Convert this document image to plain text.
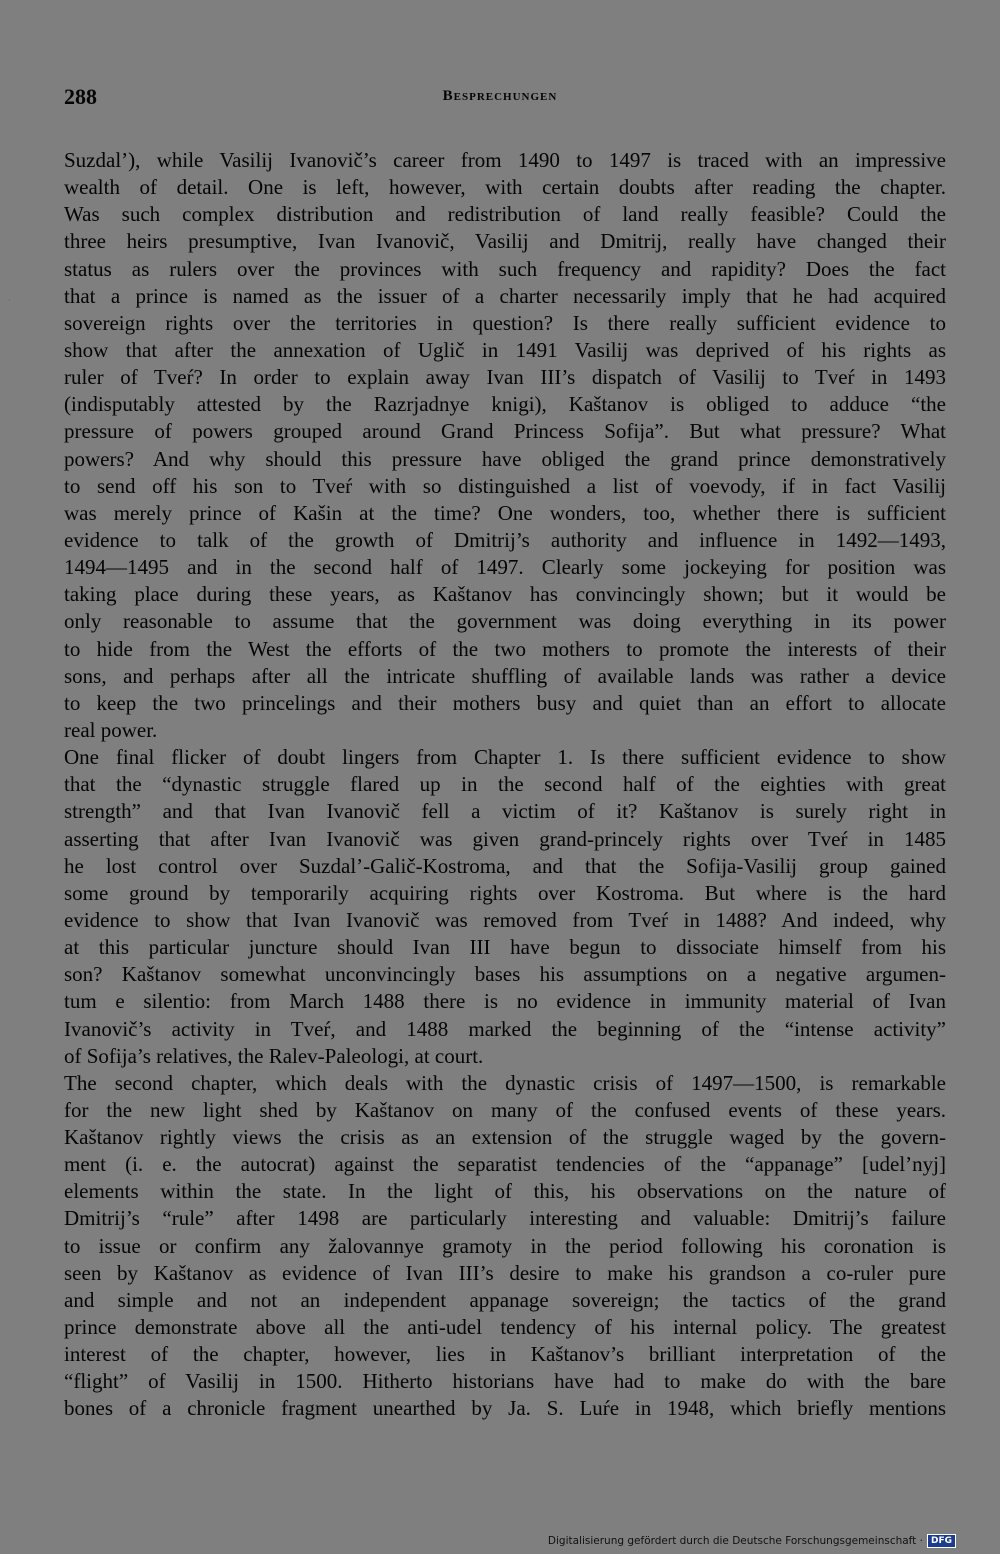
288	Besprechungen
Suzdal’), while Vasilij Ivanovič’s career from 1490 to 1497 is traced with an impressive
wealth of detail. One is left, however, with certain doubts after reading the chapter.
Was such complex distribution and redistribution of land really feasible? Could the
three heirs presumptive, Ivan Ivanovič, Vasilij and Dmitrij, really have changed their
status as rulers over the provinces with such frequency and rapidity? Does the fact
that a prince is named as the issuer of a charter necessarily imply that he had acquired
sovereign rights over the territories in question? Is there really sufficient evidence to
show that after the annexation of Uglič in 1491 Vasilij was deprived of his rights as
ruler of Tveŕ? In order to explain away Ivan III’s dispatch of Vasilij to Tveŕ in 1493
(indisputably attested by the Razrjadnye knigi), Kaštanov is obliged to adduce “the
pressure of powers grouped around Grand Princess Sofija”. But what pressure? What
powers? And why should this pressure have obliged the grand prince demonstratively
to send off his son to Tveŕ with so distinguished a list of voevody, if in fact Vasilij
was merely prince of Kašin at the time? One wonders, too, whether there is sufficient
evidence to talk of the growth of Dmitrij’s authority and influence in 1492—1493,
1494—1495 and in the second half of 1497. Clearly some jockeying for position was
taking place during these years, as Kaštanov has convincingly shown; but it would be
only reasonable to assume that the government was doing everything in its power
to hide from the West the efforts of the two mothers to promote the interests of their
sons, and perhaps after all the intricate shuffling of available lands was rather a device
to keep the two princelings and their mothers busy and quiet than an effort to allocate
real power.
One final flicker of doubt lingers from Chapter 1. Is there sufficient evidence to show
that the “dynastic struggle flared up in the second half of the eighties with great
strength” and that Ivan Ivanovič fell a victim of it? Kaštanov is surely right in
asserting that after Ivan Ivanovič was given grand-princely rights over Tveŕ in 1485
he lost control over Suzdal’-Galič-Kostroma, and that the Sofija-Vasilij group gained
some ground by temporarily acquiring rights over Kostroma. But where is the hard
evidence to show that Ivan Ivanovič was removed from Tveŕ in 1488? And indeed, why
at this particular juncture should Ivan III have begun to dissociate himself from his
son? Kaštanov somewhat unconvincingly bases his assumptions on a negative argumen-
tum e silentio: from March 1488 there is no evidence in immunity material of Ivan
Ivanovič’s activity in Tveŕ, and 1488 marked the beginning of the “intense activity”
of Sofija’s relatives, the Ralev-Paleologi, at court.
The second chapter, which deals with the dynastic crisis of 1497—1500, is remarkable
for the new light shed by Kaštanov on many of the confused events of these years.
Kaštanov rightly views the crisis as an extension of the struggle waged by the govern-
ment (i. e. the autocrat) against the separatist tendencies of the “appanage” [udel’nyj]
elements within the state. In the light of this, his observations on the nature of
Dmitrij’s “rule” after 1498 are particularly interesting and valuable: Dmitrij’s failure
to issue or confirm any žalovannye gramoty in the period following his coronation is
seen by Kaštanov as evidence of Ivan III’s desire to make his grandson a co-ruler pure
and simple and not an independent appanage sovereign; the tactics of the grand
prince demonstrate above all the anti-udel tendency of his internal policy. The greatest
interest of the chapter, however, lies in Kaštanov’s brilliant interpretation of the
“flight” of Vasilij in 1500. Hitherto historians have had to make do with the bare
bones of a chronicle fragment unearthed by Ja. S. Luŕe in 1948, which briefly mentions
Digitalisierung gefördert durch die Deutsche Forschungsgemeinschaft · DFG
